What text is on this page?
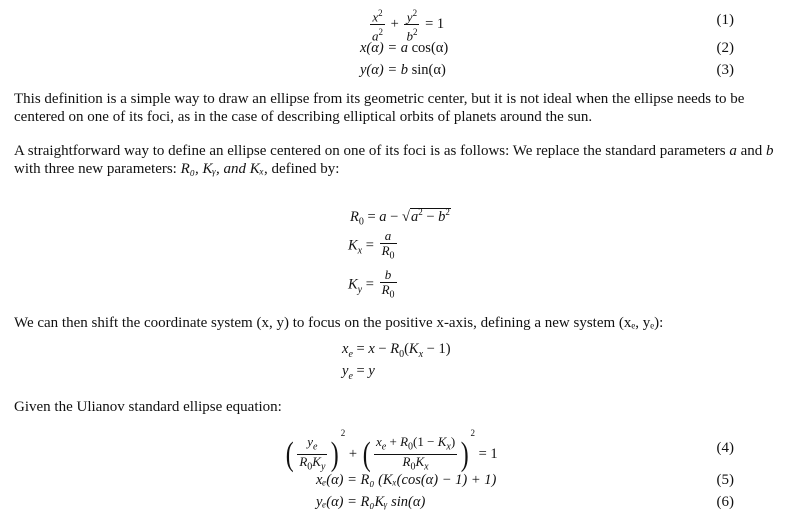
$\frac{x^2}{a^2} + \frac{y^2}{b^2} = 1$	(1)
x(α) = a cos(α)	(2)
y(α) = b sin(α)	(3)
This definition is a simple way to draw an ellipse from its geometric center, but it is not ideal when the ellipse needs to be centered on one of its foci, as in the case of describing elliptical orbits of planets around the sun.
A straightforward way to define an ellipse centered on one of its foci is as follows: We replace the standard parameters a and b with three new parameters: R₀, Kᵧ, and Kₓ, defined by:
$R_0 = a - √a^2 - b^2$
$K_x = \frac{a}{R_0}$
$K_y = \frac{b}{R_0}$
We can then shift the coordinate system (x, y) to focus on the positive x-axis, defining a new system (xₑ, yₑ):
$x_e = x - R_0(K_x - 1)$
$y_e = y$
Given the Ulianov standard ellipse equation:
( $\frac{y_e}{R_0K_y} )^2$ + ( $\frac{x_e + R_0(1 - K_x)}{R_0K_x} )^2 = 1$	(4)
xₑ(α) = R₀ (Kₓ(cos(α) − 1) + 1)	(5)
yₑ(α) = R₀Kᵧ sin(α)	(6)
